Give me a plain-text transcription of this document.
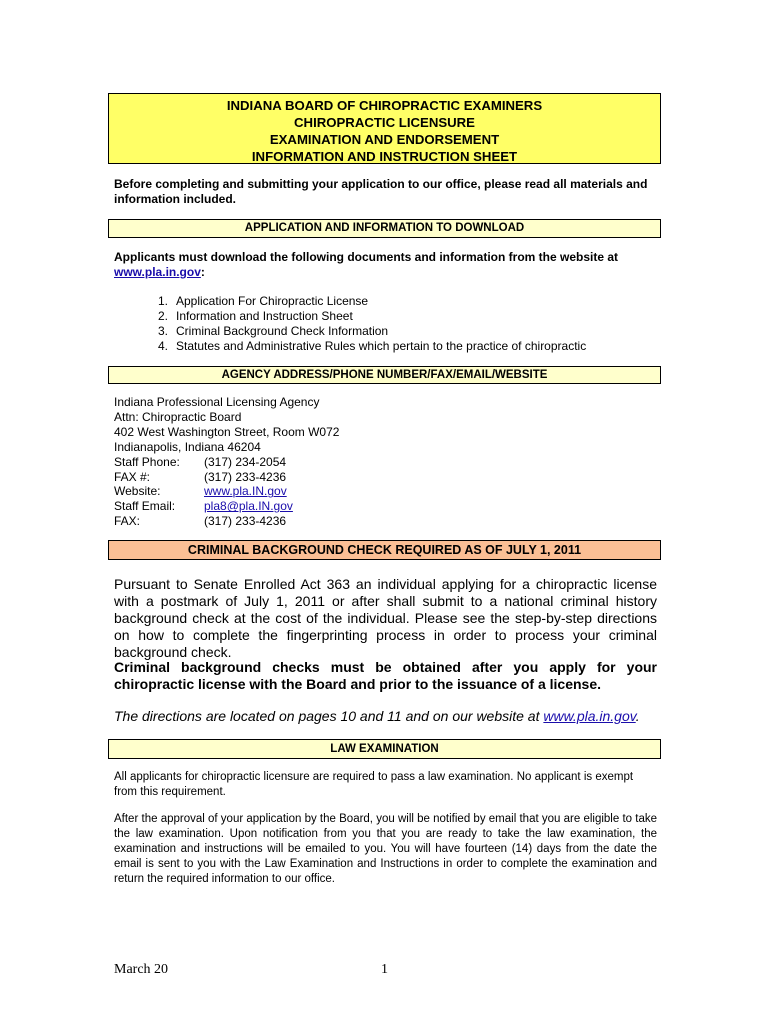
INDIANA BOARD OF CHIROPRACTIC EXAMINERS
CHIROPRACTIC LICENSURE
EXAMINATION AND ENDORSEMENT
INFORMATION AND INSTRUCTION SHEET
Before completing and submitting your application to our office, please read all materials and information included.
APPLICATION AND INFORMATION TO DOWNLOAD
Applicants must download the following documents and information from the website at www.pla.in.gov:
1. Application For Chiropractic License
2. Information and Instruction Sheet
3. Criminal Background Check Information
4. Statutes and Administrative Rules which pertain to the practice of chiropractic
AGENCY ADDRESS/PHONE NUMBER/FAX/EMAIL/WEBSITE
Indiana Professional Licensing Agency
Attn: Chiropractic Board
402 West Washington Street, Room W072
Indianapolis, Indiana 46204
Staff Phone: (317) 234-2054
FAX #:	(317) 233-4236
Website:	www.pla.IN.gov
Staff Email: pla8@pla.IN.gov
FAX:	(317) 233-4236
CRIMINAL BACKGROUND CHECK REQUIRED AS OF JULY 1, 2011
Pursuant to Senate Enrolled Act 363 an individual applying for a chiropractic license with a postmark of July 1, 2011 or after shall submit to a national criminal history background check at the cost of the individual. Please see the step-by-step directions on how to complete the fingerprinting process in order to process your criminal background check.
Criminal background checks must be obtained after you apply for your chiropractic license with the Board and prior to the issuance of a license.
The directions are located on pages 10 and 11 and on our website at www.pla.in.gov.
LAW EXAMINATION
All applicants for chiropractic licensure are required to pass a law examination. No applicant is exempt from this requirement.
After the approval of your application by the Board, you will be notified by email that you are eligible to take the law examination. Upon notification from you that you are ready to take the law examination, the examination and instructions will be emailed to you. You will have fourteen (14) days from the date the email is sent to you with the Law Examination and Instructions in order to complete the examination and return the required information to our office.
March 20	1
